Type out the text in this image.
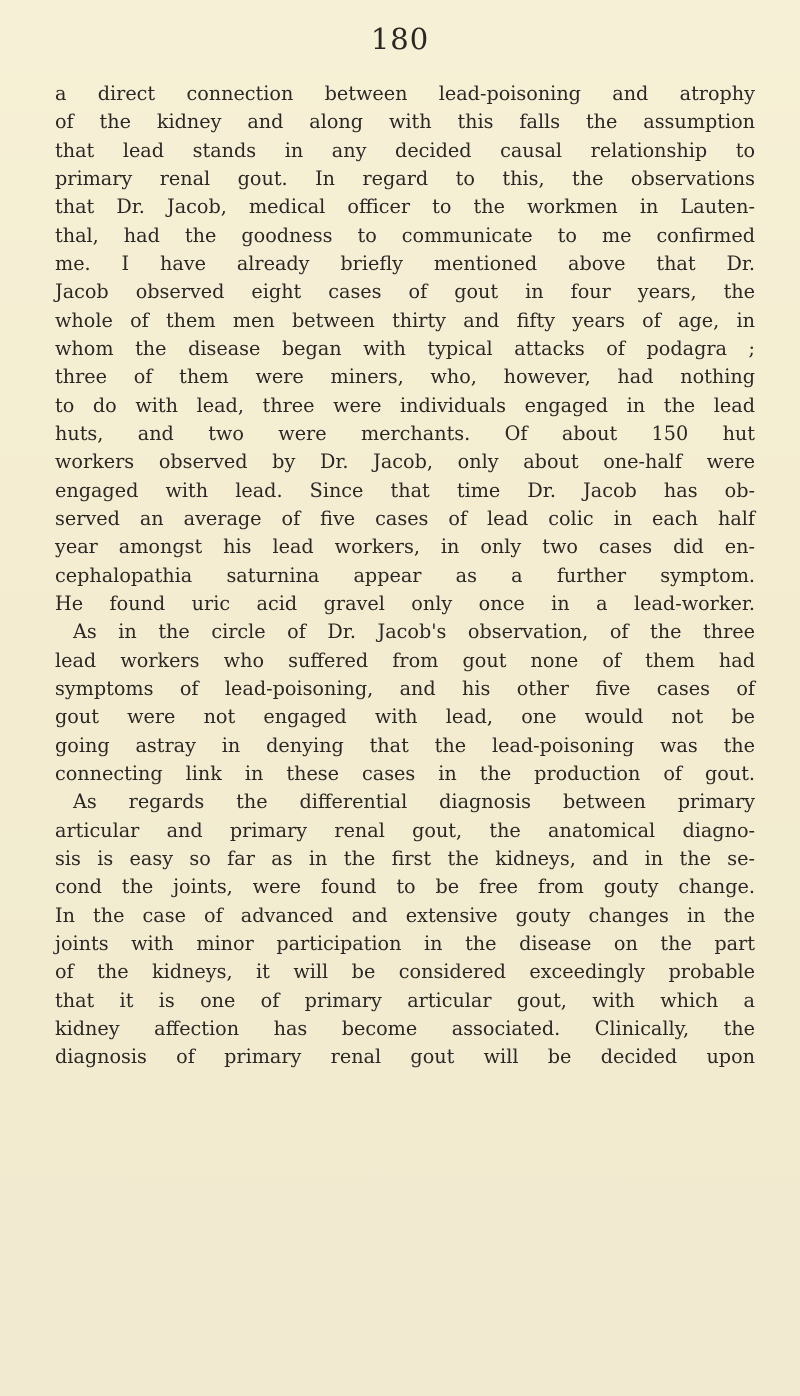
180
a direct connection between lead-poisoning and atrophy
of the kidney and along with this falls the assumption
that lead stands in any decided causal relationship to
primary renal gout. In regard to this, the observations
that Dr. Jacob, medical officer to the workmen in Lauten-
thal, had the goodness to communicate to me confirmed
me. I have already briefly mentioned above that Dr.
Jacob observed eight cases of gout in four years, the
whole of them men between thirty and fifty years of age, in
whom the disease began with typical attacks of podagra ;
three of them were miners, who, however, had nothing
to do with lead, three were individuals engaged in the lead
huts, and two were merchants. Of about 150 hut
workers observed by Dr. Jacob, only about one-half were
engaged with lead. Since that time Dr. Jacob has ob-
served an average of five cases of lead colic in each half
year amongst his lead workers, in only two cases did en-
cephalopathia saturnina appear as a further symptom.
He found uric acid gravel only once in a lead-worker.
As in the circle of Dr. Jacob's observation, of the three
lead workers who suffered from gout none of them had
symptoms of lead-poisoning, and his other five cases of
gout were not engaged with lead, one would not be
going astray in denying that the lead-poisoning was the
connecting link in these cases in the production of gout.
As regards the differential diagnosis between primary
articular and primary renal gout, the anatomical diagno-
sis is easy so far as in the first the kidneys, and in the se-
cond the joints, were found to be free from gouty change.
In the case of advanced and extensive gouty changes in the
joints with minor participation in the disease on the part
of the kidneys, it will be considered exceedingly probable
that it is one of primary articular gout, with which a
kidney affection has become associated. Clinically, the
diagnosis of primary renal gout will be decided upon
